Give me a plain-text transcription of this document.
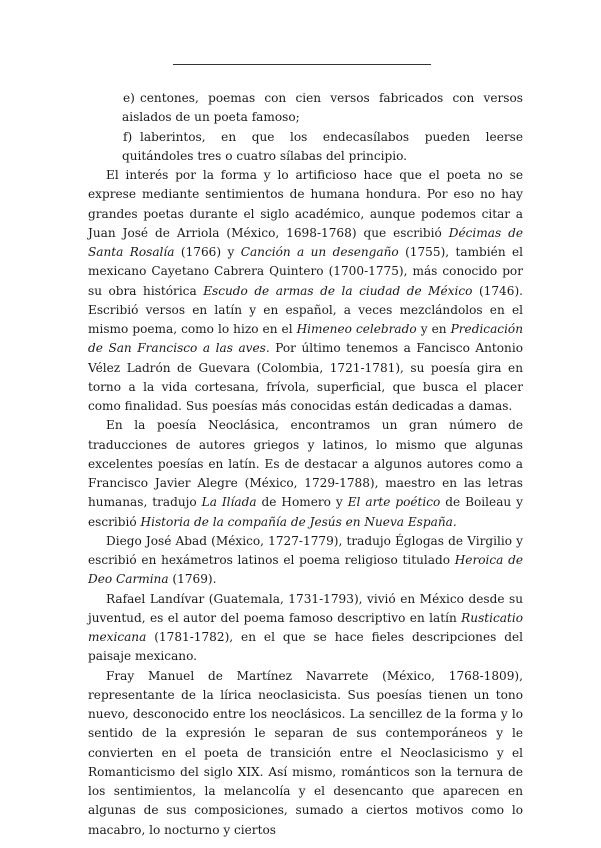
e) centones, poemas con cien versos fabricados con versos aislados de un poeta famoso;

f) laberintos, en que los endecasílabos pueden leerse quitándoles tres o cuatro sílabas del principio.

El interés por la forma y lo artificioso hace que el poeta no se exprese mediante sentimientos de humana hondura. Por eso no hay grandes poetas durante el siglo académico, aunque podemos citar a Juan José de Arriola (México, 1698-1768) que escribió Décimas de Santa Rosalía (1766) y Canción a un desengaño (1755), también el mexicano Cayetano Cabrera Quintero (1700-1775), más conocido por su obra histórica Escudo de armas de la ciudad de México (1746). Escribió versos en latín y en español, a veces mezclándolos en el mismo poema, como lo hizo en el Himeneo celebrado y en Predicación de San Francisco a las aves. Por último tenemos a Fancisco Antonio Vélez Ladrón de Guevara (Colombia, 1721-1781), su poesía gira en torno a la vida cortesana, frívola, superficial, que busca el placer como finalidad. Sus poesías más conocidas están dedicadas a damas.

En la poesía Neoclásica, encontramos un gran número de traducciones de autores griegos y latinos, lo mismo que algunas excelentes poesías en latín. Es de destacar a algunos autores como a Francisco Javier Alegre (México, 1729-1788), maestro en las letras humanas, tradujo La Ilíada de Homero y El arte poético de Boileau y escribió Historia de la compañía de Jesús en Nueva España.

Diego José Abad (México, 1727-1779), tradujo Églogas de Virgilio y escribió en hexámetros latinos el poema religioso titulado Heroica de Deo Carmina (1769).

Rafael Landívar (Guatemala, 1731-1793), vivió en México desde su juventud, es el autor del poema famoso descriptivo en latín Rusticatio mexicana (1781-1782), en el que se hace fieles descripciones del paisaje mexicano.

Fray Manuel de Martínez Navarrete (México, 1768-1809), representante de la lírica neoclasicista. Sus poesías tienen un tono nuevo, desconocido entre los neoclásicos. La sencillez de la forma y lo sentido de la expresión le separan de sus contemporáneos y le convierten en el poeta de transición entre el Neoclasicismo y el Romanticismo del siglo XIX. Así mismo, románticos son la ternura de los sentimientos, la melancolía y el desencanto que aparecen en algunas de sus composiciones, sumado a ciertos motivos como lo macabro, lo nocturno y ciertos
